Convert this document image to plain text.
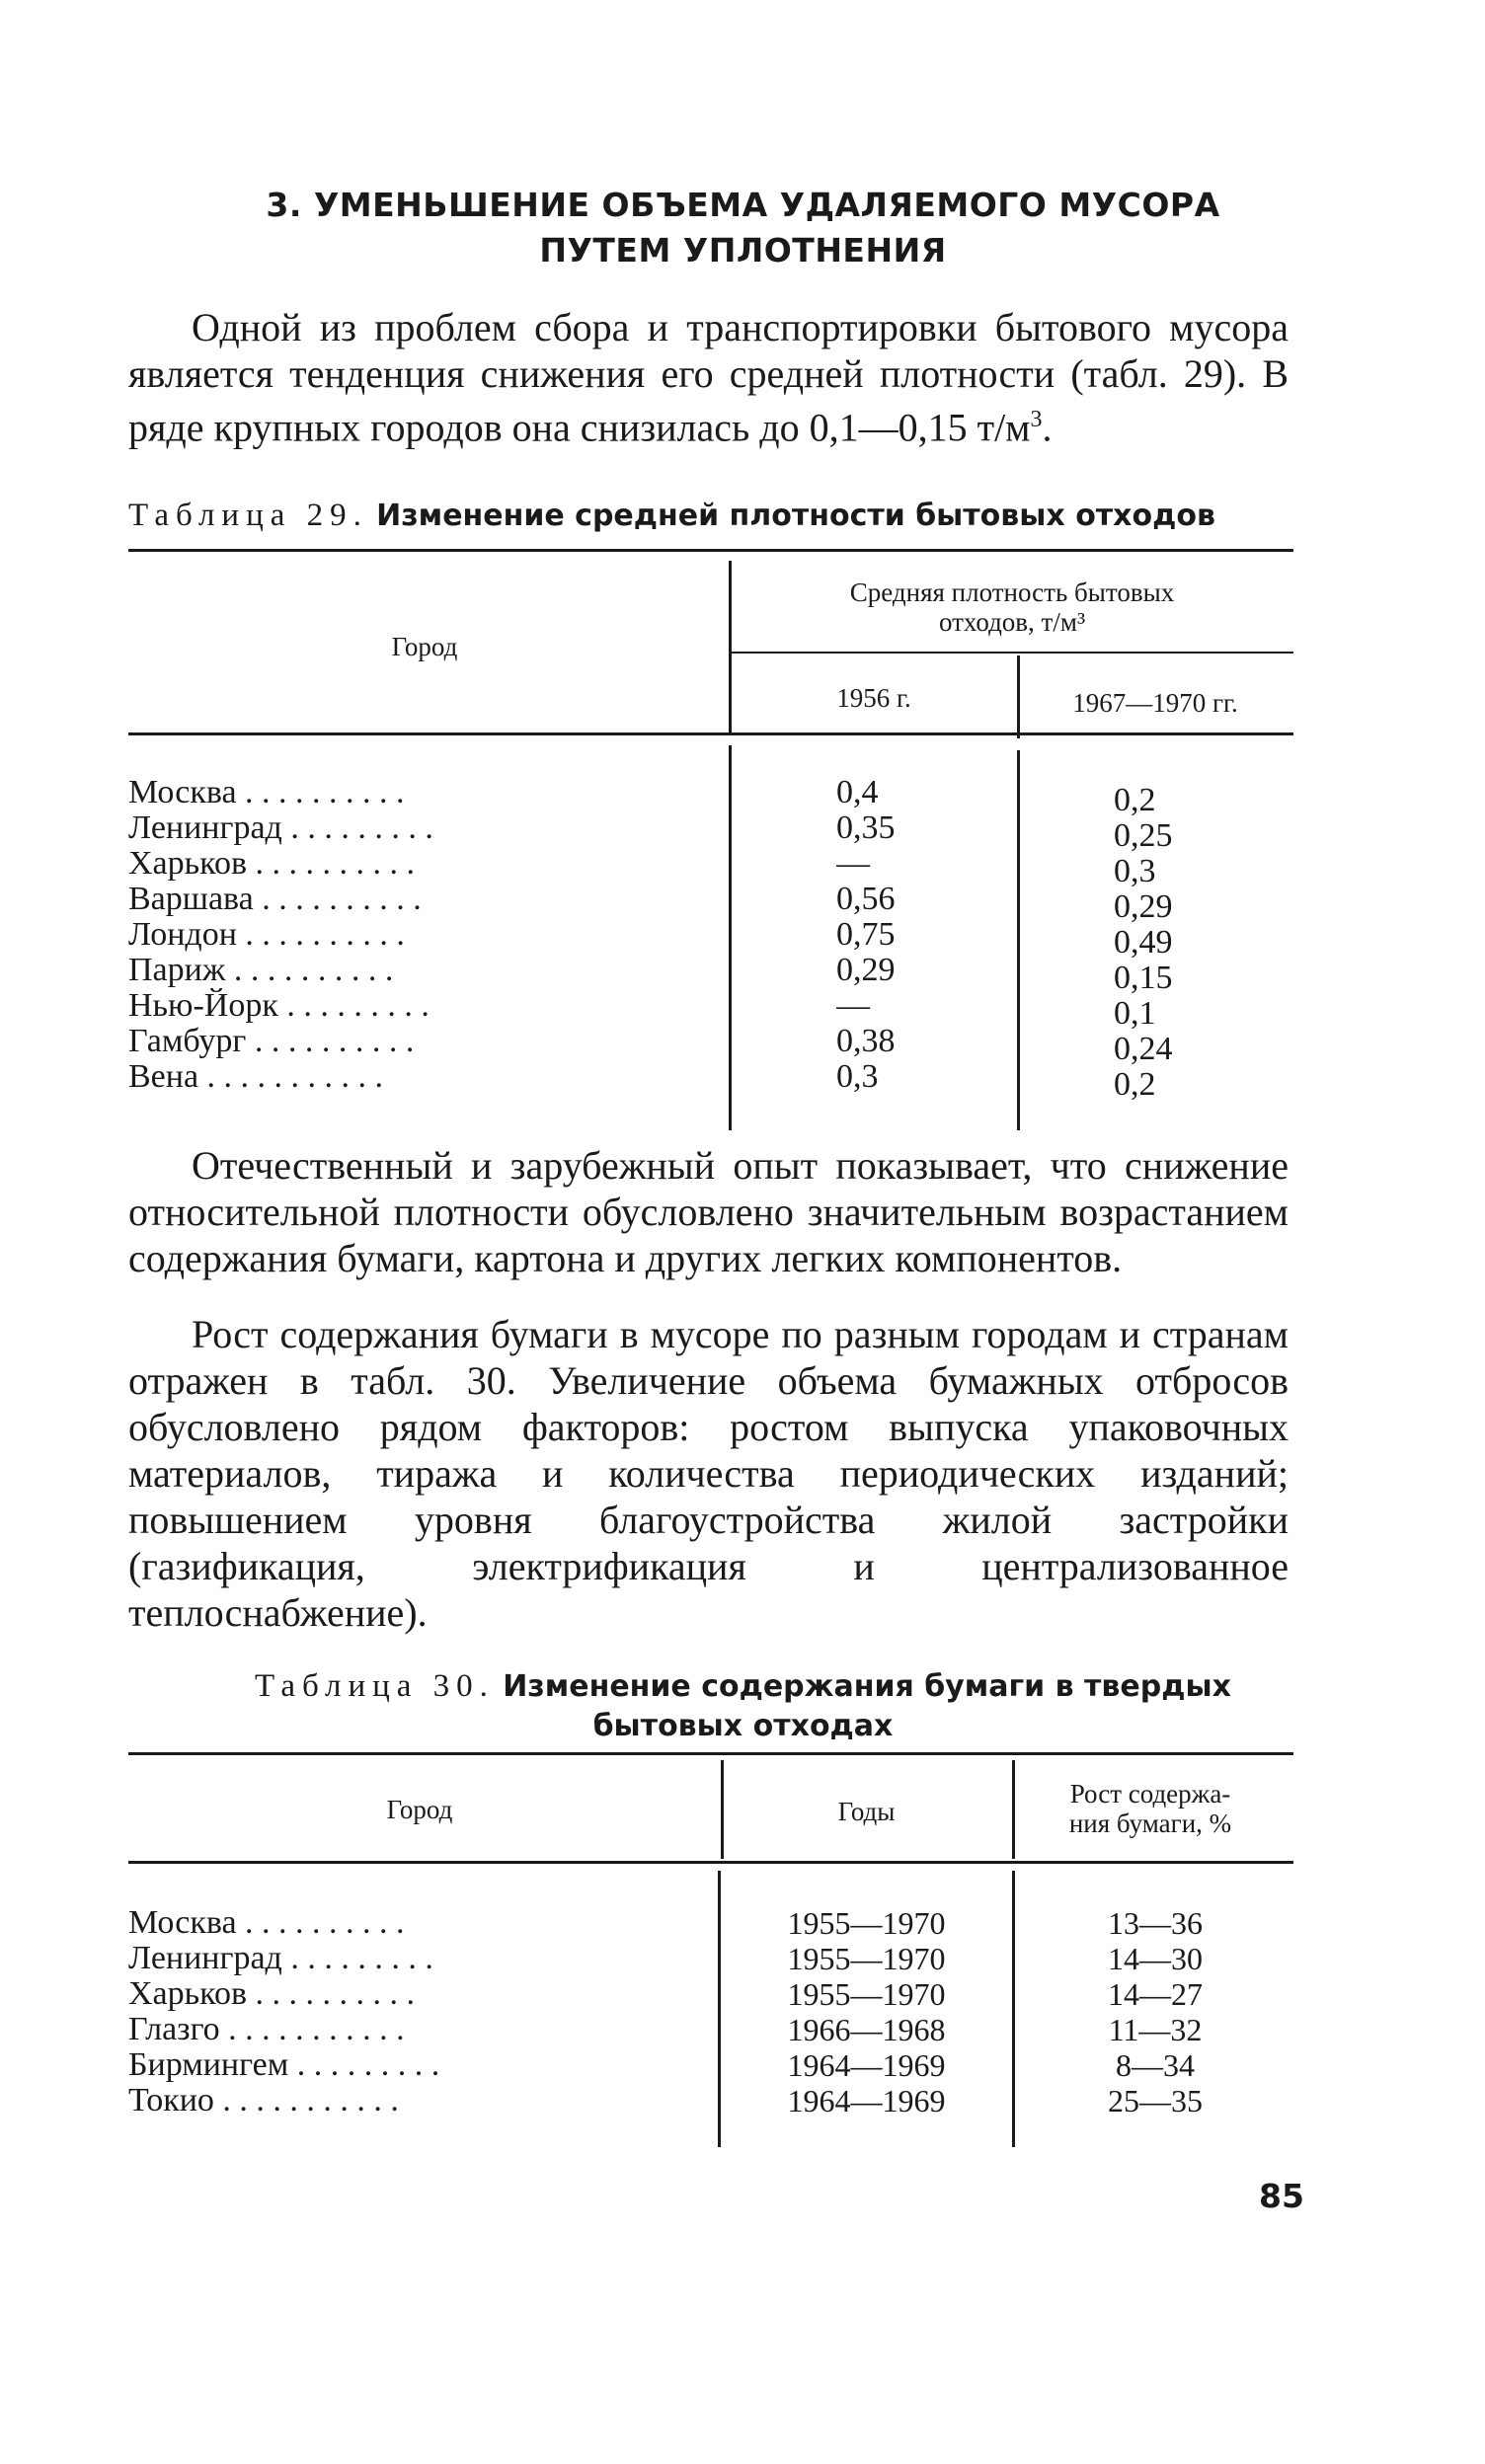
3. УМЕНЬШЕНИЕ ОБЪЕМА УДАЛЯЕМОГО МУСОРА
ПУТЕМ УПЛОТНЕНИЯ
Одной из проблем сбора и транспортировки бытового мусора является тенденция снижения его средней плотности (табл. 29). В ряде крупных городов она снизилась до 0,1—0,15 $т/м^3$.
Таблица 29. Изменение средней плотности бытовых отходов
Город
Средняя плотность бытовых
отходов, т/м³
1956 г.	1967—1970 гг.
Москва . . . . . . . . . .
Ленинград . . . . . . . . .
Харьков . . . . . . . . . .
Варшава . . . . . . . . . .
Лондон . . . . . . . . . .
Париж . . . . . . . . . .
Нью-Йорк . . . . . . . . .
Гамбург . . . . . . . . . .
Вена . . . . . . . . . . .
0,4
0,35
—
0,56
0,75
0,29
—
0,38
0,3
0,2
0,25
0,3
0,29
0,49
0,15
0,1
0,24
0,2
Отечественный и зарубежный опыт показывает, что снижение относительной плотности обусловлено значительным возрастанием содержания бумаги, картона и других легких компонентов.
Рост содержания бумаги в мусоре по разным городам и странам отражен в табл. 30. Увеличение объема бумажных отбросов обусловлено рядом факторов: ростом выпуска упаковочных материалов, тиража и количества периодических изданий; повышением уровня благоустройства жилой застройки (газификация, электрификация и централизованное теплоснабжение).
Таблица 30. Изменение содержания бумаги в твердых
бытовых отходах
Город	Годы
Рост содержа-
ния бумаги, %
Москва . . . . . . . . . .
Ленинград . . . . . . . . .
Харьков . . . . . . . . . .
Глазго . . . . . . . . . . .
Бирмингем . . . . . . . . .
Токио . . . . . . . . . . .
1955—1970
1955—1970
1955—1970
1966—1968
1964—1969
1964—1969
13—36
14—30
14—27
11—32
8—34
25—35
85
